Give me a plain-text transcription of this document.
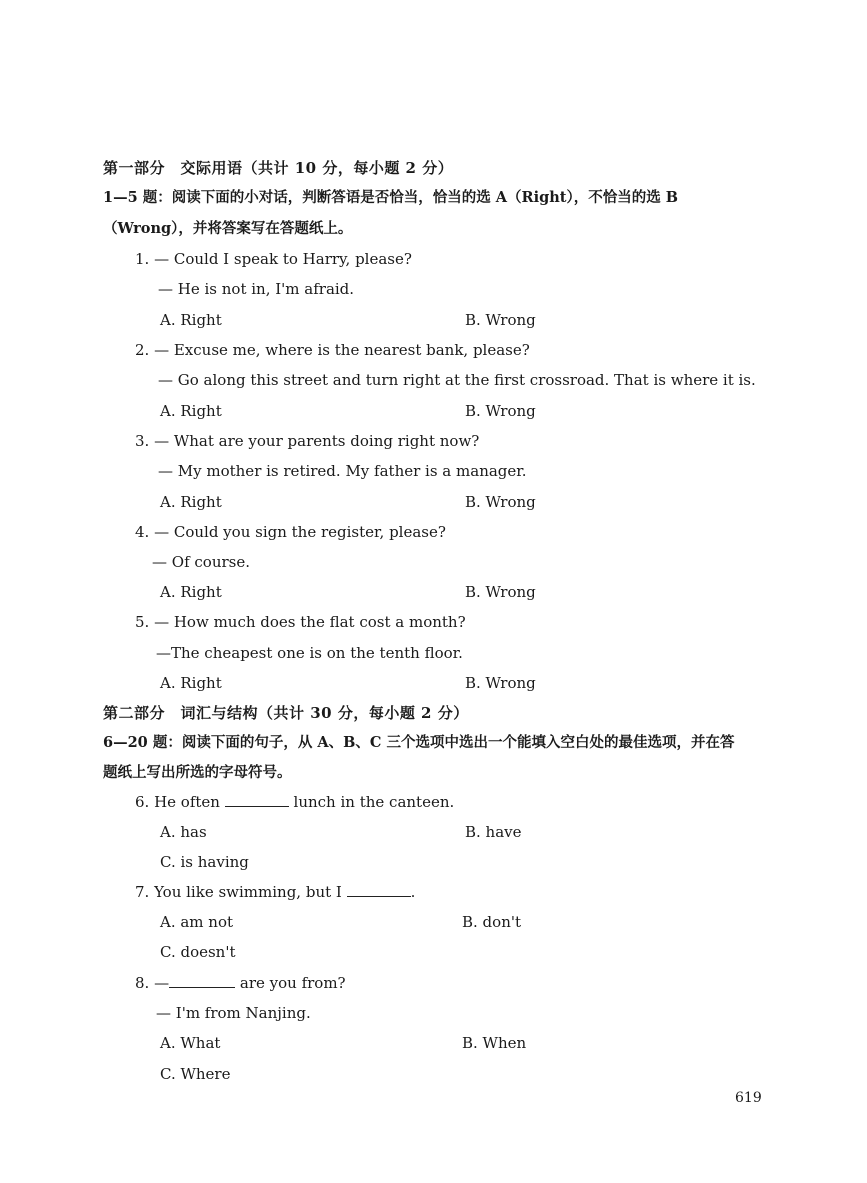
第一部分　交际用语（共计 10 分，每小题 2 分）
1—5 题：阅读下面的小对话，判断答语是否恰当，恰当的选 A（Right），不恰当的选 B
（Wrong），并将答案写在答题纸上。
1. — Could I speak to Harry, please?
— He is not in, I'm afraid.
A. Right	B. Wrong
2. — Excuse me, where is the nearest bank, please?
— Go along this street and turn right at the first crossroad. That is where it is.
A. Right	B. Wrong
3. — What are your parents doing right now?
— My mother is retired. My father is a manager.
A. Right	B. Wrong
4. — Could you sign the register, please?
— Of course.
A. Right	B. Wrong
5. — How much does the flat cost a month?
—The cheapest one is on the tenth floor.
A. Right	B. Wrong
第二部分　词汇与结构（共计 30 分，每小题 2 分）
6—20 题：阅读下面的句子，从 A、B、C 三个选项中选出一个能填入空白处的最佳选项，并在答
题纸上写出所选的字母符号。
6. He often	lunch in the canteen.
A. has	B. have
C. is having
7. You like swimming, but I	.
A. am not	B. don't
C. doesn't
8. —	are you from?
— I'm from Nanjing.
A. What	B. When
C. Where
619
